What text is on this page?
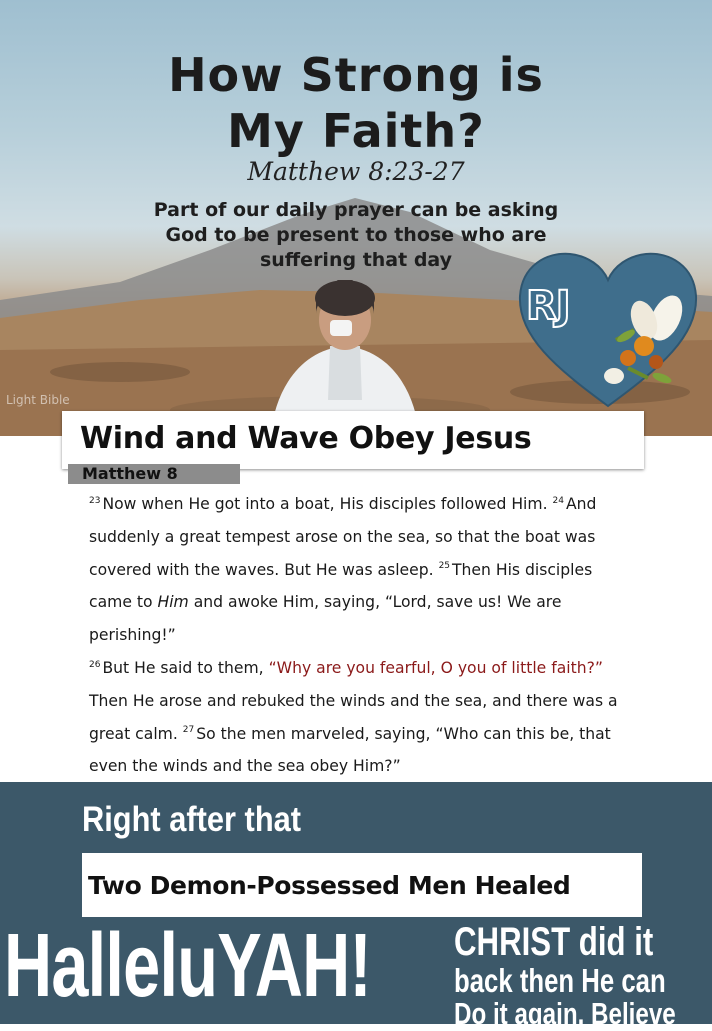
How Strong is
My Faith?
Matthew 8:23-27
Part of our daily prayer can be asking
God to be present to those who are
suffering that day
Light Bible
RJ
Wind and Wave Obey Jesus
Matthew 8

$^{23}$ Now when He got into a boat, His disciples followed Him. $^{24}$ And suddenly a great tempest arose on the sea, so that the boat was covered with the waves. But He was asleep. $^{25}$ Then His disciples came to Him and awoke Him, saying, “Lord, save us! We are perishing!”

$^{26}$ But He said to them, “Why are you fearful, O you of little faith?” Then He arose and rebuked the winds and the sea, and there was a great calm. $^{27}$ So the men marveled, saying, “Who can this be, that even the winds and the sea obey Him?”

Right after that
Two Demon-Possessed Men Healed
HalleluYAH! CHRIST did it
back then He can
Do it again. Believe
